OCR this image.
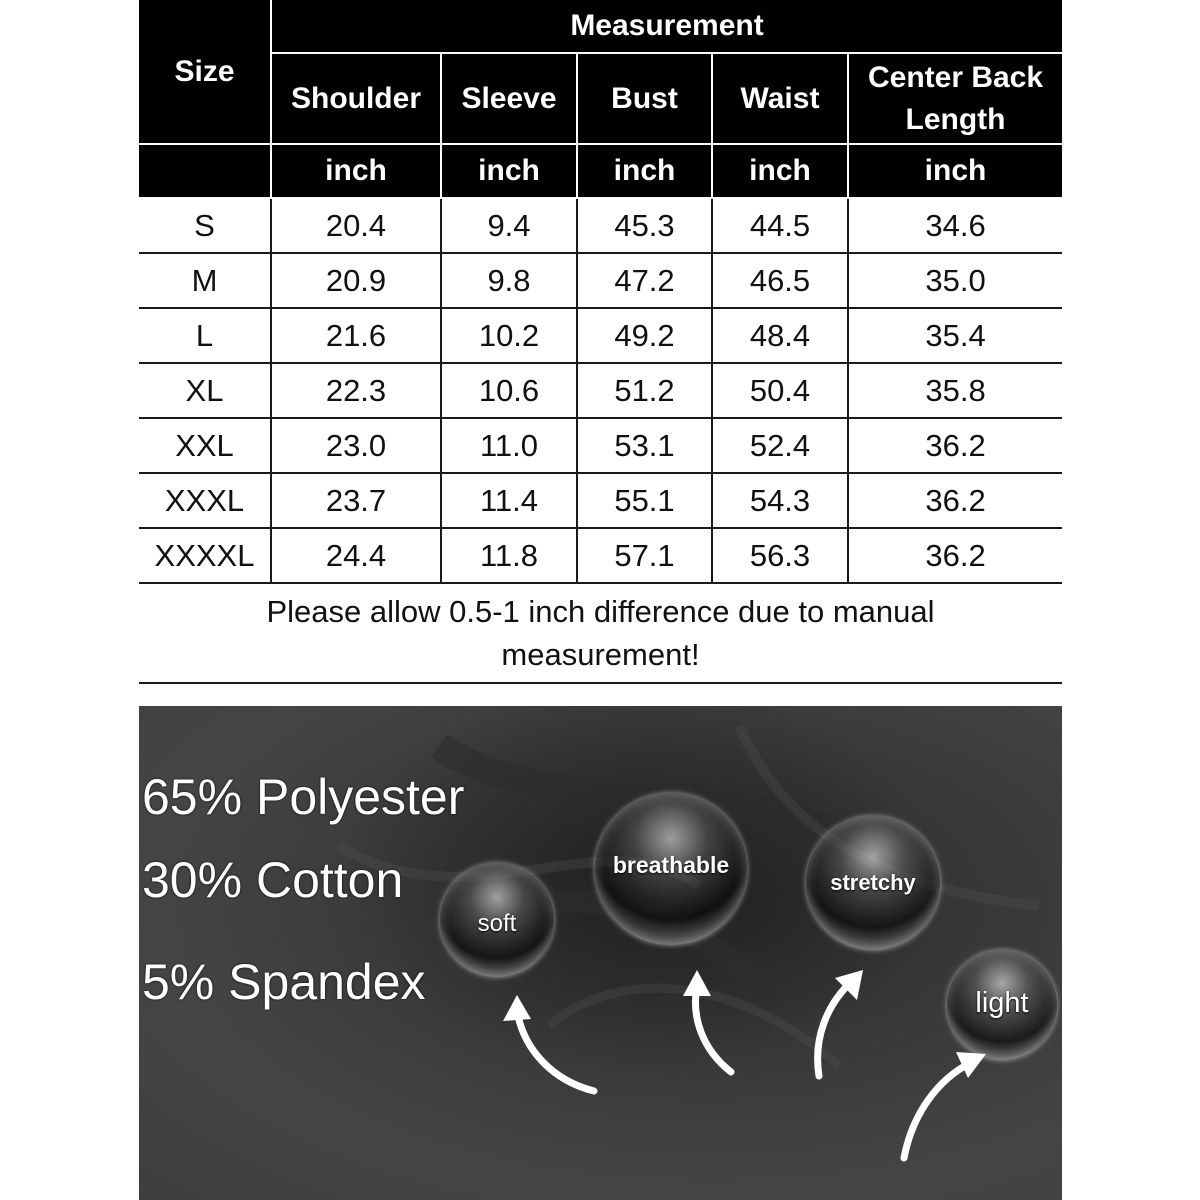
Size	Measurement				
	Shoulder	Sleeve	Bust	Waist	Center Back Length
	inch	inch	inch	inch	inch
S	20.4	9.4	45.3	44.5	34.6
M	20.9	9.8	47.2	46.5	35.0
L	21.6	10.2	49.2	48.4	35.4
XL	22.3	10.6	51.2	50.4	35.8
XXL	23.0	11.0	53.1	52.4	36.2
XXXL	23.7	11.4	55.1	54.3	36.2
XXXXL	24.4	11.8	57.1	56.3	36.2
Please allow 0.5-1 inch difference due to manual measurement!
65% Polyester
30% Cotton
5% Spandex
soft
breathable
stretchy
light
